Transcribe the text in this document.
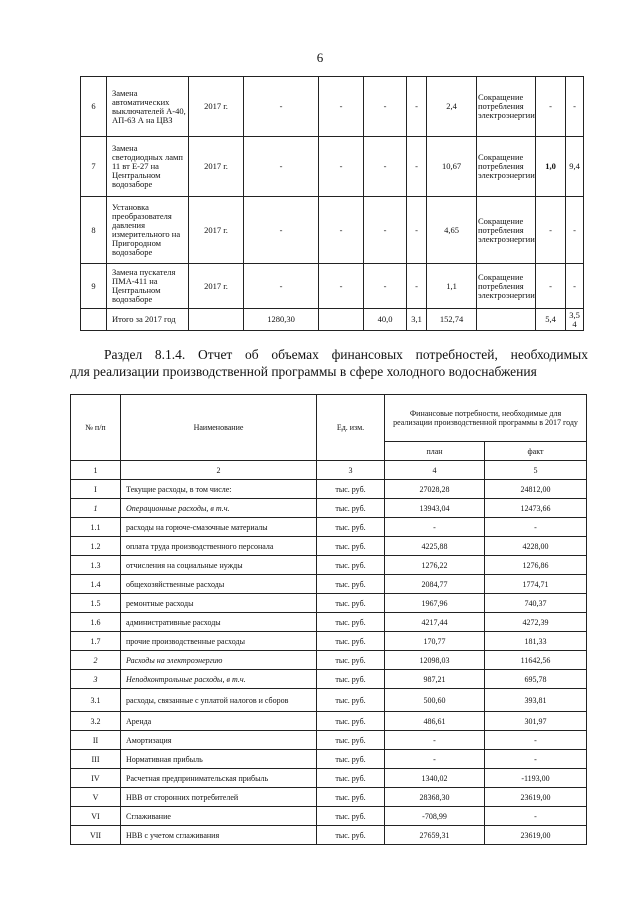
6
6	Замена автоматических выключателей А-40, АП-63 А на ЦВЗ	2017 г.	-	-	-	-	2,4	Сокращение потребления электроэнергии	-	-
7	Замена светодиодных ламп 11 вт Е-27 на Центральном водозаборе	2017 г.	-	-	-	-	10,67	Сокращение потребления электроэнергии	1,0	9,4
8	Установка преобразователя давления измерительного на Пригородном водозаборе	2017 г.	-	-	-	-	4,65	Сокращение потребления электроэнергии	-	-
9	Замена пускателя ПМА-411 на Центральном водозаборе	2017 г.	-	-	-	-	1,1	Сокращение потребления электроэнергии	-	-
	Итого за 2017 год		1280,30		40,0	3,1	152,74		5,4	3,54

Раздел 8.1.4. Отчет об объемах финансовых потребностей, необходимых

для реализации производственной программы в сфере холодного водоснабжения

№ п/п	Наименование	Ед. изм.	Финансовые потребности, необходимые для реализации производственной программы в 2017 году	
			план	факт
1	2	3	4	5
I	Текущие расходы, в том числе:	тыс. руб.	27028,28	24812,00
1	Операционные расходы, в т.ч.	тыс. руб.	13943,04	12473,66
1.1	расходы на горюче-смазочные материалы	тыс. руб.	-	-
1.2	оплата труда производственного персонала	тыс. руб.	4225,88	4228,00
1.3	отчисления на социальные нужды	тыс. руб.	1276,22	1276,86
1.4	общехозяйственные расходы	тыс. руб.	2084,77	1774,71
1.5	ремонтные расходы	тыс. руб.	1967,96	740,37
1.6	административные расходы	тыс. руб.	4217,44	4272,39
1.7	прочие производственные расходы	тыс. руб.	170,77	181,33
2	Расходы на электроэнергию	тыс. руб.	12098,03	11642,56
3	Неподконтрольные расходы, в т.ч.	тыс. руб.	987,21	695,78
3.1	расходы, связанные с уплатой налогов и сборов	тыс. руб.	500,60	393,81
3.2	Аренда	тыс. руб.	486,61	301,97
II	Амортизация	тыс. руб.	-	-
III	Нормативная прибыль	тыс. руб.	-	-
IV	Расчетная предпринимательская прибыль	тыс. руб.	1340,02	-1193,00
V	НВВ от сторонних потребителей	тыс. руб.	28368,30	23619,00
VI	Сглаживание	тыс. руб.	-708,99	-
VII	НВВ с учетом сглаживания	тыс. руб.	27659,31	23619,00
